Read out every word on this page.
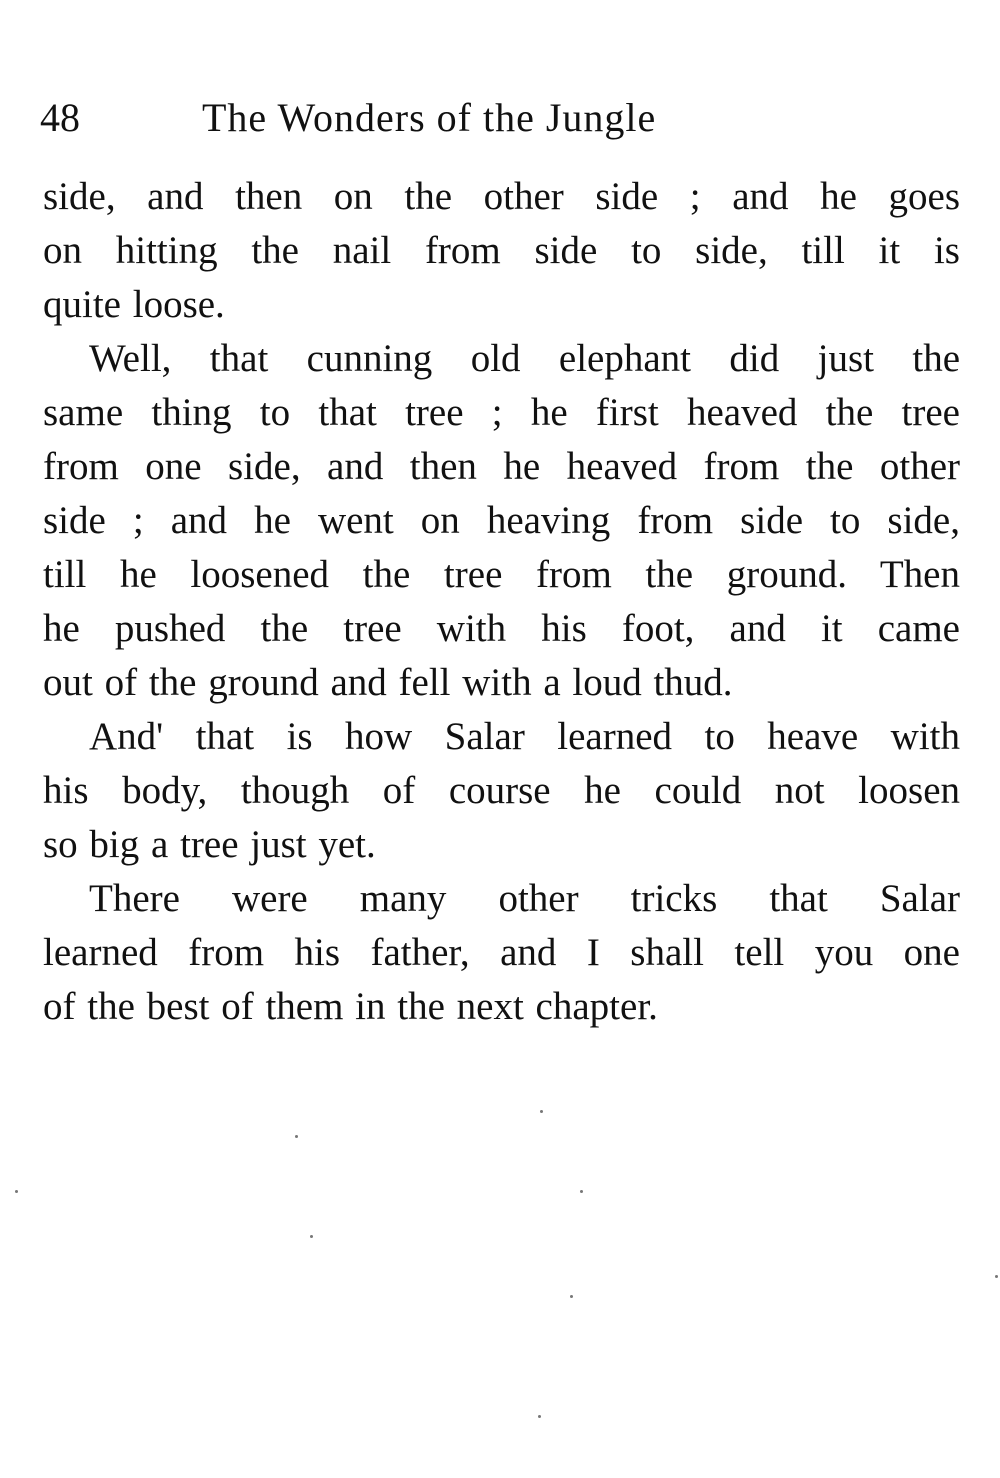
48	The Wonders of the Jungle
side, and then on the other side ; and he goes
on hitting the nail from side to side, till it is
quite loose.
Well, that cunning old elephant did just the
same thing to that tree ; he first heaved the tree
from one side, and then he heaved from the other
side ; and he went on heaving from side to side,
till he loosened the tree from the ground. Then
he pushed the tree with his foot, and it came
out of the ground and fell with a loud thud.
And' that is how Salar learned to heave with
his body, though of course he could not loosen
so big a tree just yet.
There were many other tricks that Salar
learned from his father, and I shall tell you one
of the best of them in the next chapter.
